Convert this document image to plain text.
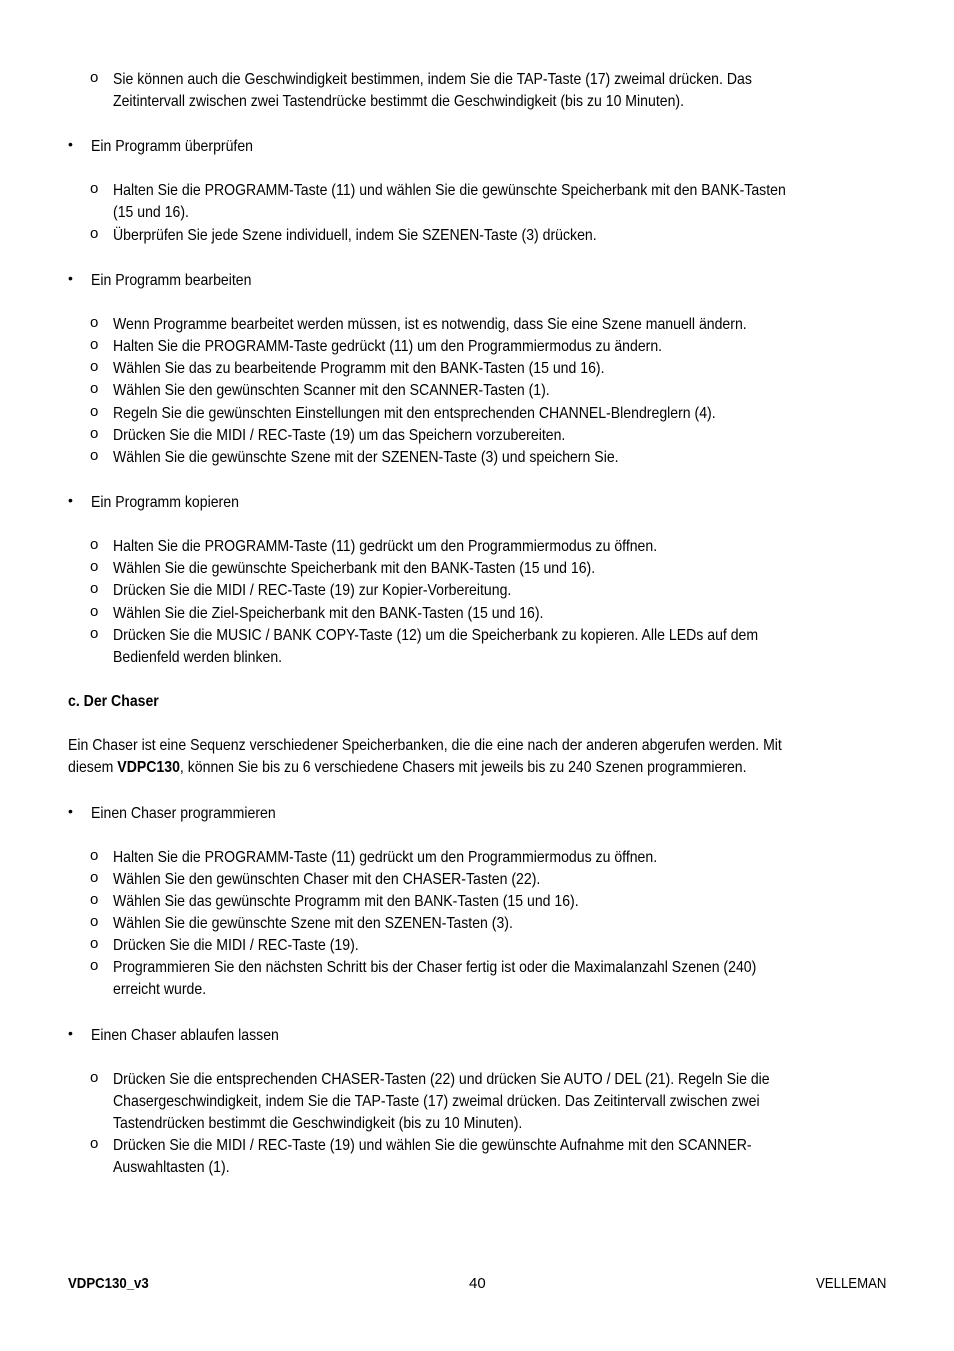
o Sie können auch die Geschwindigkeit bestimmen, indem Sie die TAP-Taste (17) zweimal drücken. Das
Zeitintervall zwischen zwei Tastendrücke bestimmt die Geschwindigkeit (bis zu 10 Minuten).
• Ein Programm überprüfen
o Halten Sie die PROGRAMM-Taste (11) und wählen Sie die gewünschte Speicherbank mit den BANK-Tasten
(15 und 16).
o Überprüfen Sie jede Szene individuell, indem Sie SZENEN-Taste (3) drücken.
• Ein Programm bearbeiten
o Wenn Programme bearbeitet werden müssen, ist es notwendig, dass Sie eine Szene manuell ändern.
o Halten Sie die PROGRAMM-Taste gedrückt (11) um den Programmiermodus zu ändern.
o Wählen Sie das zu bearbeitende Programm mit den BANK-Tasten (15 und 16).
o Wählen Sie den gewünschten Scanner mit den SCANNER-Tasten (1).
o Regeln Sie die gewünschten Einstellungen mit den entsprechenden CHANNEL-Blendreglern (4).
o Drücken Sie die MIDI / REC-Taste (19) um das Speichern vorzubereiten.
o Wählen Sie die gewünschte Szene mit der SZENEN-Taste (3) und speichern Sie.
• Ein Programm kopieren
o Halten Sie die PROGRAMM-Taste (11) gedrückt um den Programmiermodus zu öffnen.
o Wählen Sie die gewünschte Speicherbank mit den BANK-Tasten (15 und 16).
o Drücken Sie die MIDI / REC-Taste (19) zur Kopier-Vorbereitung.
o Wählen Sie die Ziel-Speicherbank mit den BANK-Tasten (15 und 16).
o Drücken Sie die MUSIC / BANK COPY-Taste (12) um die Speicherbank zu kopieren. Alle LEDs auf dem
Bedienfeld werden blinken.
c. Der Chaser
Ein Chaser ist eine Sequenz verschiedener Speicherbanken, die die eine nach der anderen abgerufen werden. Mit
diesem VDPC130, können Sie bis zu 6 verschiedene Chasers mit jeweils bis zu 240 Szenen programmieren.
• Einen Chaser programmieren
o Halten Sie die PROGRAMM-Taste (11) gedrückt um den Programmiermodus zu öffnen.
o Wählen Sie den gewünschten Chaser mit den CHASER-Tasten (22).
o Wählen Sie das gewünschte Programm mit den BANK-Tasten (15 und 16).
o Wählen Sie die gewünschte Szene mit den SZENEN-Tasten (3).
o Drücken Sie die MIDI / REC-Taste (19).
o Programmieren Sie den nächsten Schritt bis der Chaser fertig ist oder die Maximalanzahl Szenen (240)
erreicht wurde.
• Einen Chaser ablaufen lassen
o Drücken Sie die entsprechenden CHASER-Tasten (22) und drücken Sie AUTO / DEL (21). Regeln Sie die
Chasergeschwindigkeit, indem Sie die TAP-Taste (17) zweimal drücken. Das Zeitintervall zwischen zwei
Tastendrücken bestimmt die Geschwindigkeit (bis zu 10 Minuten).
o Drücken Sie die MIDI / REC-Taste (19) und wählen Sie die gewünschte Aufnahme mit den SCANNER-
Auswahltasten (1).
VDPC130_v3	40	VELLEMAN
